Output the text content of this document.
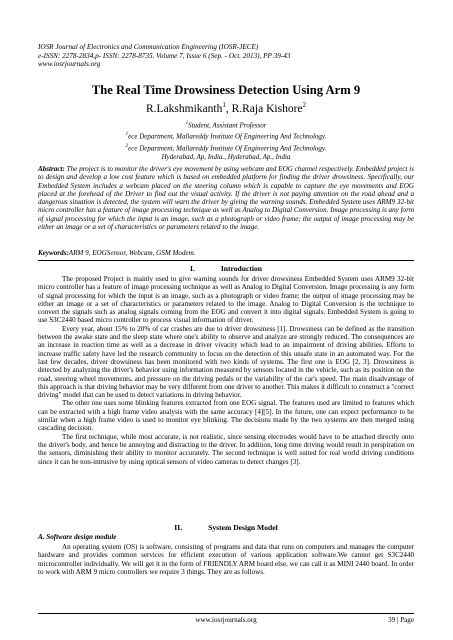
IOSR Journal of Electronics and Communication Engineering (IOSR-JECE)
e-ISSN: 2278-2834,p- ISSN: 2278-8735. Volume 7, Issue 6 (Sep. - Oct. 2013), PP 39-43
www.iosrjournals.org
The Real Time Drowsiness Detection Using Arm 9
R.Lakshmikanth$^1$, R.Raja Kishore$^2$
$^1$Student, Assistant Professor
$^1$ece Department, Mallareddy Institute Of Engineering And Technology.
$^2$ece Department, Mallareddy Institute Of Engineering And Technology.
Hyderabad, Ap, India., Hyderabad, Ap., India
Abstract: The project is to monitor the driver's eye movement by using webcam and EOG channel respectively. Embedded project is to design and develop a low cost feature which is based on embedded platform for finding the driver drowsiness. Specifically, our Embedded System includes a webcam placed on the steering column which is capable to capture the eye movements and EOG placed at the forehead of the Driver to find out the visual activity. If the driver is not paying attention on the road ahead and a dangerous situation is detected, the system will warn the driver by giving the warning sounds. Embedded System uses ARM9 32-bit micro controller has a feature of image processing technique as well as Analog to Digital Conversion. Image processing is any form of signal processing for which the input is an image, such as a photograph or video frame; the output of image processing may be either an image or a set of characteristics or parameters related to the image.
Keywords:ARM 9, EOGSensor, Webcam, GSM Modem.
I.	Introduction

The proposed Project is mainly used to give warning sounds for driver drowsiness Embedded System uses ARM9 32-bit micro controller has a feature of image processing technique as well as Analog to Digital Conversion. Image processing is any form of signal processing for which the input is an image, such as a photograph or video frame; the output of image processing may be either an image or a set of characteristics or parameters related to the image. Analog to Digital Conversion is the technique to convert the signals such as analog signals coming from the EOG and convert it into digital signals. Embedded System is going to use S3C2440 based micro controller to process visual information of driver.

Every year, about 15% to 20% of car crashes are due to driver drowsiness [1]. Drowsiness can be defined as the transition between the awake state and the sleep state where one's ability to observe and analyze are strongly reduced. The consequences are an increase in reaction time as well as a decrease in driver vivacity which lead to an impairment of driving abilities. Efforts to increase traffic safety have led the research community to focus on the detection of this unsafe state in an automated way. For the last few decades, driver drowsiness has been monitored with two kinds of systems. The first one is EOG [2, 3]. Drowsiness is detected by analyzing the driver's behavior using information measured by sensors located in the vehicle, such as its position on the road, steering wheel movements, and pressure on the driving pedals or the variability of the car's speed. The main disadvantage of this approach is that driving behavior may be very different from one driver to another. This makes it difficult to construct a "correct driving" model that can be used to detect variations in driving behavior.

The other one uses some blinking features extracted from one EOG signal. The features used are limited to features which can be extracted with a high frame video analysis with the same accuracy [4][5]. In the future, one can expect performance to be similar when a high frame video is used to monitor eye blinking. The decisions made by the two systems are then merged using cascading decision.

The first technique, while most accurate, is not realistic, since sensing electrodes would have to be attached directly onto the driver's body, and hence be annoying and distracting to the driver. In addition, long time driving would result in perspiration on the sensors, diminishing their ability to monitor accurately. The second technique is well suited for real world driving conditions since it can be non-intrusive by using optical sensors of video cameras to detect changes [3].

II.	System Design Model
A. Software design module

An operating system (OS) is software, consisting of programs and data that runs on computers and manages the computer hardware and provides common services for efficient execution of various application software.We cannot get S3C2440 microcontroller individually. We will get it in the form of FRIENDLY ARM board else, we can call it as MINI 2440 board. In order to work with ARM 9 micro controllers we require 3 things. They are as follows.

www.iosrjournals.org	39 | Page
